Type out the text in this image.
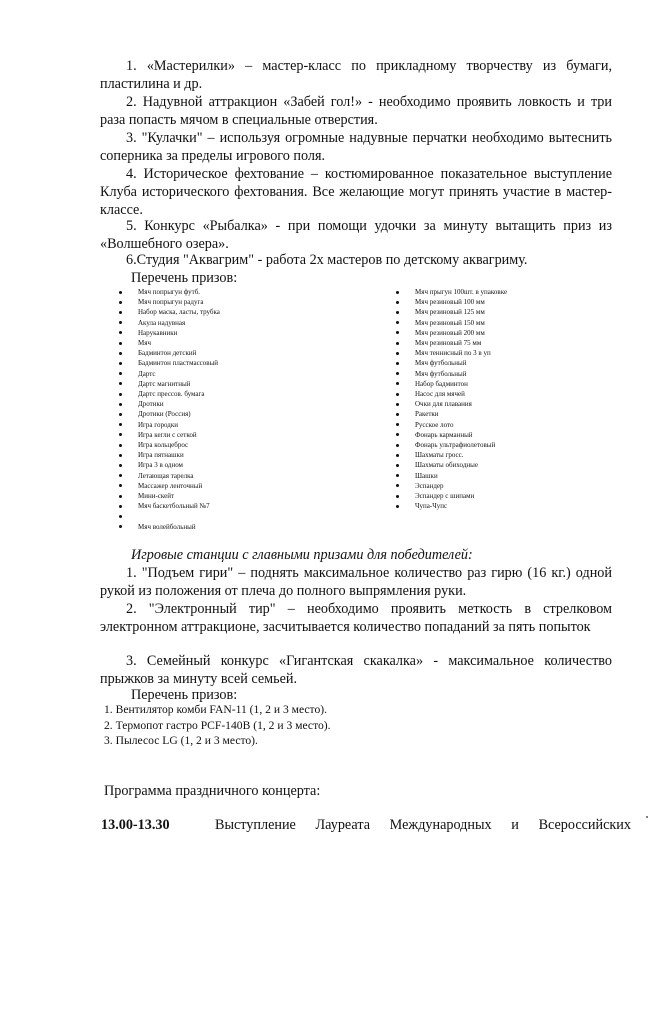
1. «Мастерилки» – мастер-класс по прикладному творчеству из бумаги, пластилина и др.

2. Надувной аттракцион «Забей гол!» - необходимо проявить ловкость и три раза попасть мячом в специальные отверстия.

3. "Кулачки" – используя огромные надувные перчатки необходимо вытеснить соперника за пределы игрового поля.

4. Историческое фехтование – костюмированное показательное выступление Клуба исторического фехтования. Все желающие могут принять участие в мастер-классе.

5. Конкурс «Рыбалка» - при помощи удочки за минуту вытащить приз из «Волшебного озера».

6.Студия "Аквагрим" - работа 2х мастеров по детскому аквагриму.

Перечень призов:

Мяч попрыгун футб.
Мяч попрыгун радуга
Набор маска, ласты, трубка
Акула надувная
Нарукавники
Мяч
Бадминтон детский
Бадминтон пластмассовый
Дартс
Дартс магнитный
Дартс прессов. бумага
Дротики
Дротики (Россия)
Игра городки
Игра кегли с сеткой
Игра кольцеброс
Игра пятнашки
Игра 3 в одном
Летающая тарелка
Массажер ленточный
Мини-скейт
Мяч баскетбольный №7
Мяч волейбольный
Мяч прыгун 100шт. в упаковке
Мяч резиновый 100 мм
Мяч резиновый 125 мм
Мяч резиновый 150 мм
Мяч резиновый 200 мм
Мяч резиновый 75 мм
Мяч теннисный по 3 в уп
Мяч футбольный
Мяч футбольный
Набор бадминтон
Насос для мячей
Очки для плавания
Ракетки
Русское лото
Фонарь карманный
Фонарь ультрафиолетовый
Шахматы гросс.
Шахматы обиходные
Шашки
Эспандер
Эспандер с шипами
Чупа-Чупс

Игровые станции с главными призами для победителей:

1. "Подъем гири" – поднять максимальное количество раз гирю (16 кг.) одной рукой из положения от плеча до полного выпрямления руки.

2. "Электронный тир" – необходимо проявить меткость в стрелковом электронном аттракционе, засчитывается количество попаданий за пять попыток

3. Семейный конкурс «Гигантская скакалка» - максимальное количество прыжков за минуту всей семьей.

Перечень призов:

1. Вентилятор комби FAN-11 (1, 2 и 3 место).
2. Термопот гастро PCF-140B (1, 2 и 3 место).
3. Пылесос LG (1, 2 и 3 место).

Программа праздничного концерта:

13.00-13.30	Выступление Лауреата Международных и Всероссийских
